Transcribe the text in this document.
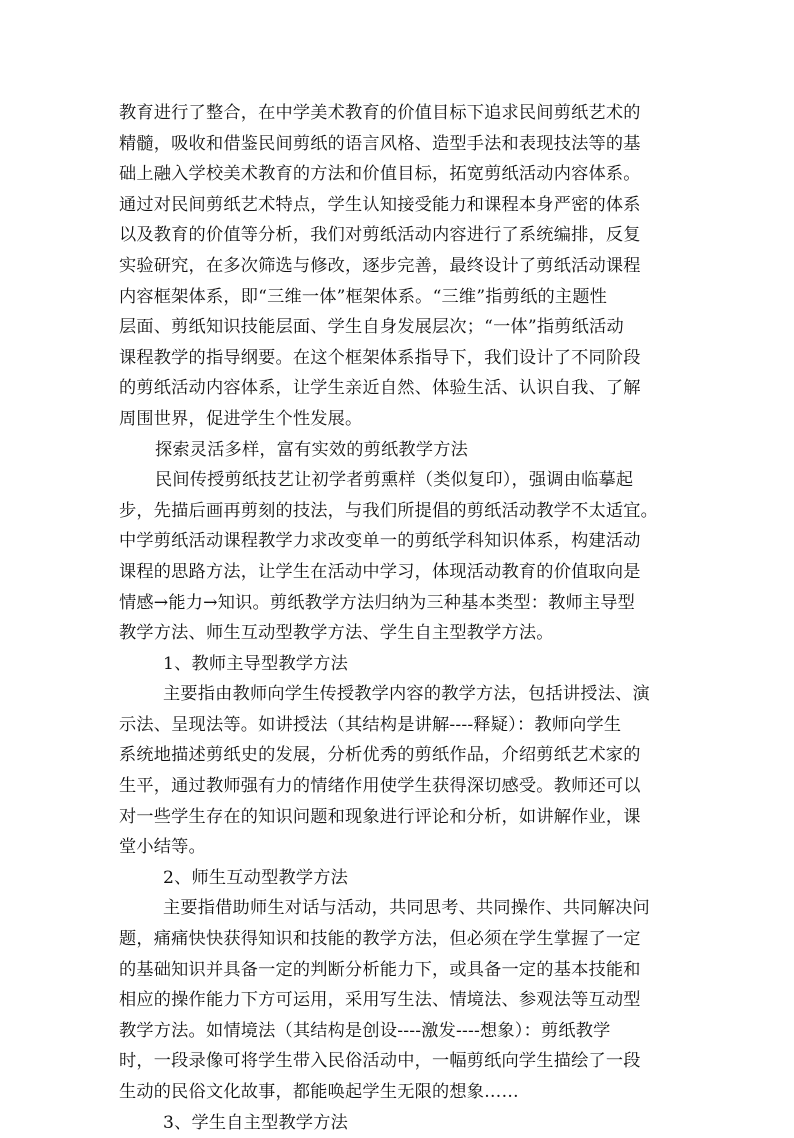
教育进行了整合，在中学美术教育的价值目标下追求民间剪纸艺术的
精髓，吸收和借鉴民间剪纸的语言风格、造型手法和表现技法等的基
础上融入学校美术教育的方法和价值目标，拓宽剪纸活动内容体系。
通过对民间剪纸艺术特点，学生认知接受能力和课程本身严密的体系
以及教育的价值等分析，我们对剪纸活动内容进行了系统编排，反复
实验研究，在多次筛选与修改，逐步完善，最终设计了剪纸活动课程
内容框架体系，即“三维一体”框架体系。“三维”指剪纸的主题性
层面、剪纸知识技能层面、学生自身发展层次；“一体”指剪纸活动
课程教学的指导纲要。在这个框架体系指导下，我们设计了不同阶段
的剪纸活动内容体系，让学生亲近自然、体验生活、认识自我、了解
周围世界，促进学生个性发展。
探索灵活多样，富有实效的剪纸教学方法
民间传授剪纸技艺让初学者剪熏样（类似复印），强调由临摹起
步，先描后画再剪刻的技法，与我们所提倡的剪纸活动教学不太适宜。
中学剪纸活动课程教学力求改变单一的剪纸学科知识体系，构建活动
课程的思路方法，让学生在活动中学习，体现活动教育的价值取向是
情感→能力→知识。剪纸教学方法归纳为三种基本类型：教师主导型
教学方法、师生互动型教学方法、学生自主型教学方法。
1、教师主导型教学方法
主要指由教师向学生传授教学内容的教学方法，包括讲授法、演
示法、呈现法等。如讲授法（其结构是讲解----释疑）：教师向学生
系统地描述剪纸史的发展，分析优秀的剪纸作品，介绍剪纸艺术家的
生平，通过教师强有力的情绪作用使学生获得深切感受。教师还可以
对一些学生存在的知识问题和现象进行评论和分析，如讲解作业，课
堂小结等。
2、师生互动型教学方法
主要指借助师生对话与活动，共同思考、共同操作、共同解决问
题，痛痛快快获得知识和技能的教学方法，但必须在学生掌握了一定
的基础知识并具备一定的判断分析能力下，或具备一定的基本技能和
相应的操作能力下方可运用，采用写生法、情境法、参观法等互动型
教学方法。如情境法（其结构是创设----激发----想象）：剪纸教学
时，一段录像可将学生带入民俗活动中，一幅剪纸向学生描绘了一段
生动的民俗文化故事，都能唤起学生无限的想象……
3、学生自主型教学方法
